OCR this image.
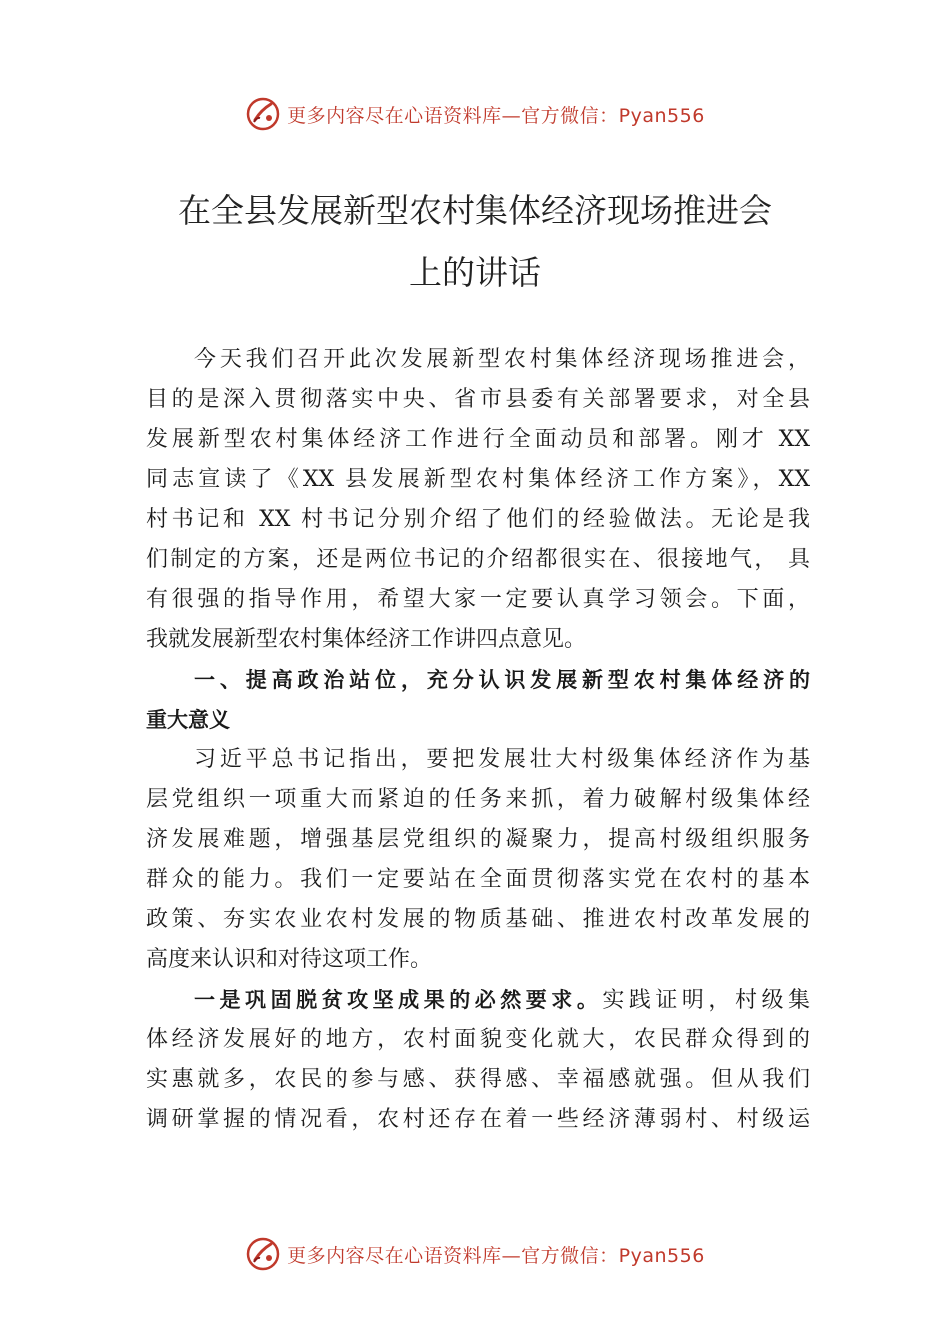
更多内容尽在心语资料库—官方微信：Pyan556
在全县发展新型农村集体经济现场推进会
上的讲话
今天我们召开此次发展新型农村集体经济现场推进会，
目的是深入贯彻落实中央、省市县委有关部署要求，对全县
发展新型农村集体经济工作进行全面动员和部署。刚才 XX
同志宣读了《XX 县发展新型农村集体经济工作方案》，XX
村书记和 XX 村书记分别介绍了他们的经验做法。无论是我
们制定的方案，还是两位书记的介绍都很实在、很接地气， 具
有很强的指导作用，希望大家一定要认真学习领会。下面，
我就发展新型农村集体经济工作讲四点意见。
一、提高政治站位，充分认识发展新型农村集体经济的
重大意义
习近平总书记指出，要把发展壮大村级集体经济作为基
层党组织一项重大而紧迫的任务来抓，着力破解村级集体经
济发展难题，增强基层党组织的凝聚力，提高村级组织服务
群众的能力。我们一定要站在全面贯彻落实党在农村的基本
政策、夯实农业农村发展的物质基础、推进农村改革发展的
高度来认识和对待这项工作。
一是巩固脱贫攻坚成果的必然要求。实践证明，村级集
体经济发展好的地方，农村面貌变化就大，农民群众得到的
实惠就多，农民的参与感、获得感、幸福感就强。但从我们
调研掌握的情况看，农村还存在着一些经济薄弱村、村级运
更多内容尽在心语资料库—官方微信：Pyan556
